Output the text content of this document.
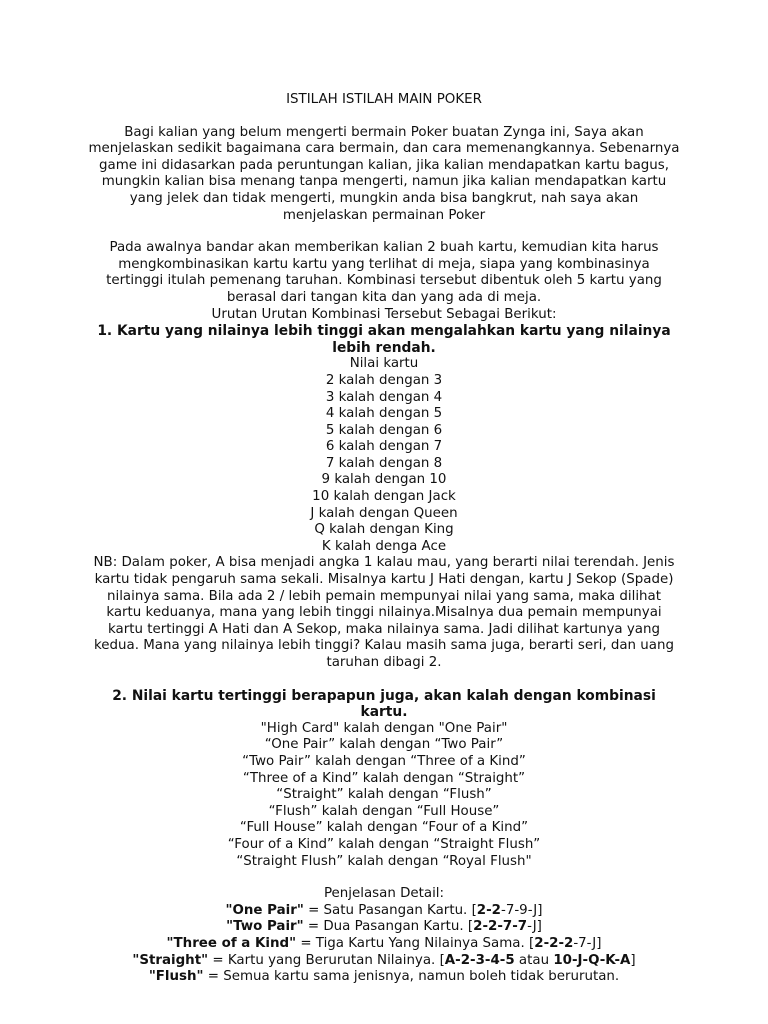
ISTILAH ISTILAH MAIN POKER

Bagi kalian yang belum mengerti bermain Poker buatan Zynga ini, Saya akan menjelaskan sedikit bagaimana cara bermain, dan cara memenangkannya. Sebenarnya game ini didasarkan pada peruntungan kalian, jika kalian mendapatkan kartu bagus, mungkin kalian bisa menang tanpa mengerti, namun jika kalian mendapatkan kartu yang jelek dan tidak mengerti, mungkin anda bisa bangkrut, nah saya akan menjelaskan permainan Poker

Pada awalnya bandar akan memberikan kalian 2 buah kartu, kemudian kita harus mengkombinasikan kartu kartu yang terlihat di meja, siapa yang kombinasinya tertinggi itulah pemenang taruhan. Kombinasi tersebut dibentuk oleh 5 kartu yang berasal dari tangan kita dan yang ada di meja.

Urutan Urutan Kombinasi Tersebut Sebagai Berikut:

1. Kartu yang nilainya lebih tinggi akan mengalahkan kartu yang nilainya lebih rendah.

Nilai kartu

2 kalah dengan 3
3 kalah dengan 4
4 kalah dengan 5
5 kalah dengan 6
6 kalah dengan 7
7 kalah dengan 8
9 kalah dengan 10
10 kalah dengan Jack
J kalah dengan Queen
Q kalah dengan King
K kalah denga Ace

NB: Dalam poker, A bisa menjadi angka 1 kalau mau, yang berarti nilai terendah. Jenis kartu tidak pengaruh sama sekali. Misalnya kartu J Hati dengan, kartu J Sekop (Spade) nilainya sama. Bila ada 2 / lebih pemain mempunyai nilai yang sama, maka dilihat kartu keduanya, mana yang lebih tinggi nilainya.Misalnya dua pemain mempunyai kartu tertinggi A Hati dan A Sekop, maka nilainya sama. Jadi dilihat kartunya yang kedua. Mana yang nilainya lebih tinggi? Kalau masih sama juga, berarti seri, dan uang taruhan dibagi 2.

2. Nilai kartu tertinggi berapapun juga, akan kalah dengan kombinasi kartu.

"High Card" kalah dengan "One Pair"
“One Pair” kalah dengan “Two Pair”
“Two Pair” kalah dengan “Three of a Kind”
“Three of a Kind” kalah dengan “Straight”
“Straight” kalah dengan “Flush”
“Flush” kalah dengan “Full House”
“Full House” kalah dengan “Four of a Kind”
“Four of a Kind” kalah dengan “Straight Flush”
“Straight Flush” kalah dengan “Royal Flush"

Penjelasan Detail:

"One Pair" = Satu Pasangan Kartu. [2-2-7-9-J]
"Two Pair" = Dua Pasangan Kartu. [2-2-7-7-J]
"Three of a Kind" = Tiga Kartu Yang Nilainya Sama. [2-2-2-7-J]
"Straight" = Kartu yang Berurutan Nilainya. [A-2-3-4-5 atau 10-J-Q-K-A]
"Flush" = Semua kartu sama jenisnya, namun boleh tidak berurutan.
